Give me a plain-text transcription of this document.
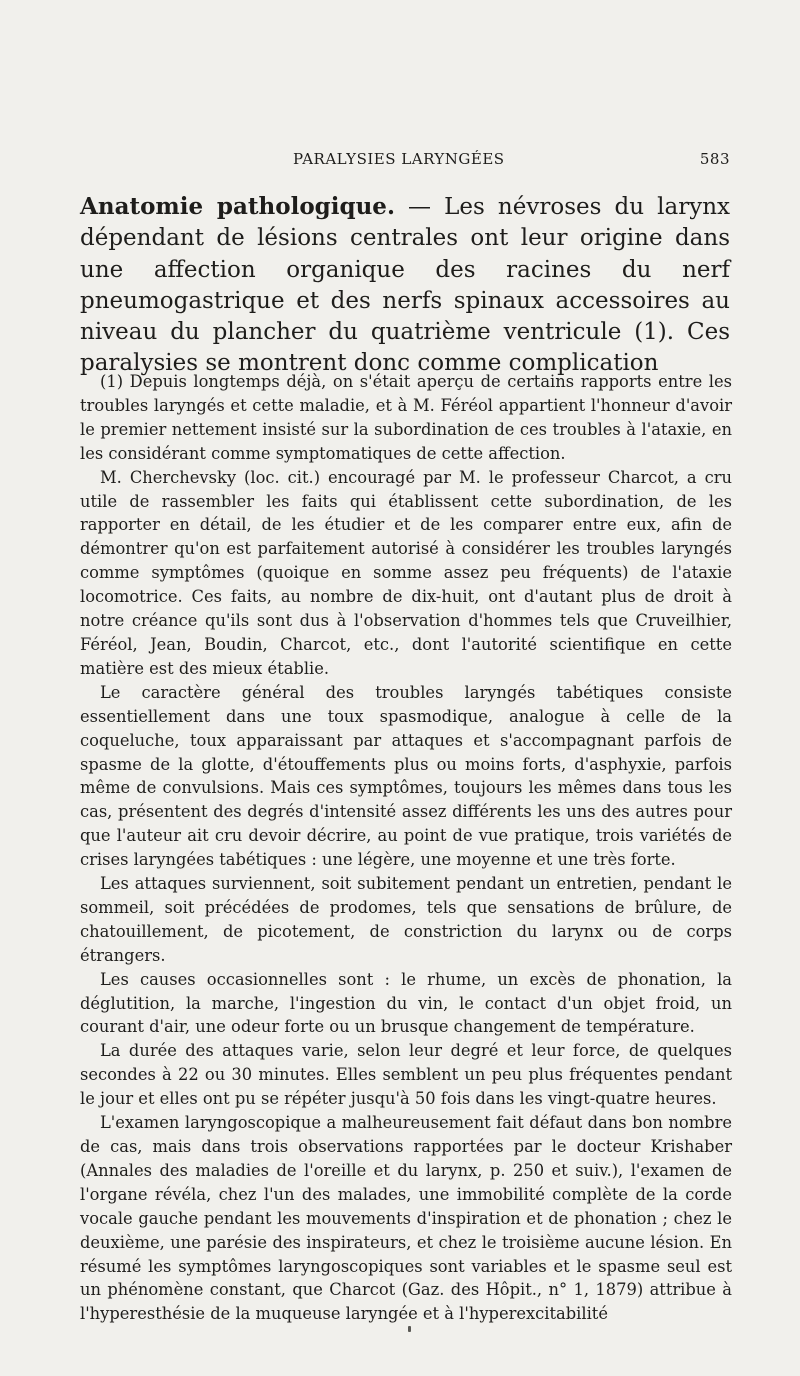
PARALYSIES LARYNGÉES	583

Anatomie pathologique. — Les névroses du larynx dépendant de lésions centrales ont leur origine dans une affection organique des racines du nerf pneumogastrique et des nerfs spinaux accessoires au niveau du plancher du quatrième ventricule (1). Ces paralysies se montrent donc comme complication

(1) Depuis longtemps déjà, on s'était aperçu de certains rapports entre les troubles laryngés et cette maladie, et à M. Féréol appartient l'honneur d'avoir le premier nettement insisté sur la subordination de ces troubles à l'ataxie, en les considérant comme symptomatiques de cette affection.

M. Cherchevsky (loc. cit.) encouragé par M. le professeur Charcot, a cru utile de rassembler les faits qui établissent cette subordination, de les rapporter en détail, de les étudier et de les comparer entre eux, afin de démontrer qu'on est parfaitement autorisé à considérer les troubles laryngés comme symptômes (quoique en somme assez peu fréquents) de l'ataxie locomotrice. Ces faits, au nombre de dix-huit, ont d'autant plus de droit à notre créance qu'ils sont dus à l'observation d'hommes tels que Cruveilhier, Féréol, Jean, Boudin, Charcot, etc., dont l'autorité scientifique en cette matière est des mieux établie.

Le caractère général des troubles laryngés tabétiques consiste essentiellement dans une toux spasmodique, analogue à celle de la coqueluche, toux apparaissant par attaques et s'accompagnant parfois de spasme de la glotte, d'étouffements plus ou moins forts, d'asphyxie, parfois même de convulsions. Mais ces symptômes, toujours les mêmes dans tous les cas, présentent des degrés d'intensité assez différents les uns des autres pour que l'auteur ait cru devoir décrire, au point de vue pratique, trois variétés de crises laryngées tabétiques : une légère, une moyenne et une très forte.

Les attaques surviennent, soit subitement pendant un entretien, pendant le sommeil, soit précédées de prodomes, tels que sensations de brûlure, de chatouillement, de picotement, de constriction du larynx ou de corps étrangers.

Les causes occasionnelles sont : le rhume, un excès de phonation, la déglutition, la marche, l'ingestion du vin, le contact d'un objet froid, un courant d'air, une odeur forte ou un brusque changement de température.

La durée des attaques varie, selon leur degré et leur force, de quelques secondes à 22 ou 30 minutes. Elles semblent un peu plus fréquentes pendant le jour et elles ont pu se répéter jusqu'à 50 fois dans les vingt-quatre heures.

L'examen laryngoscopique a malheureusement fait défaut dans bon nombre de cas, mais dans trois observations rapportées par le docteur Krishaber (Annales des maladies de l'oreille et du larynx, p. 250 et suiv.), l'examen de l'organe révéla, chez l'un des malades, une immobilité complète de la corde vocale gauche pendant les mouvements d'inspiration et de phonation ; chez le deuxième, une parésie des inspirateurs, et chez le troisième aucune lésion. En résumé les symptômes laryngoscopiques sont variables et le spasme seul est un phénomène constant, que Charcot (Gaz. des Hôpit., n° 1, 1879) attribue à l'hyperesthésie de la muqueuse laryngée et à l'hyperexcitabilité
